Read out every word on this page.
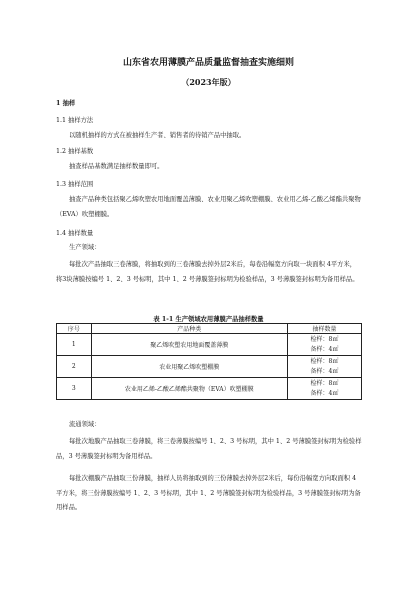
山东省农用薄膜产品质量监督抽查实施细则
（2023年版）
1 抽样
1.1 抽样方法
以随机抽样的方式在被抽样生产者、销售者的待销产品中抽取。
1.2 抽样基数
抽查样品基数满足抽样数量即可。
1.3 抽样范围
抽查产品种类包括聚乙烯吹塑农用地面覆盖薄膜、农业用聚乙烯吹塑棚膜、农业用乙烯-乙酸乙烯酯共聚物（EVA）吹塑棚膜。
1.4 抽样数量
生产领域：
每批次产品抽取三卷薄膜，将抽取到的三卷薄膜去掉外层2米后，每卷沿幅宽方向取一块面积 4平方米，将3块薄膜按编号 1、2、3 号标明，其中 1、2 号薄膜签封标明为检验样品，3 号薄膜签封标明为备用样品。
表 1-1 生产领域农用薄膜产品抽样数量
序号	产品种类	抽样数量
1	聚乙烯吹塑农用地面覆盖薄膜	检样：8㎡
备样：4㎡

2	农业用聚乙烯吹塑棚膜	检样：8㎡
备样：4㎡

3	农业用乙烯-乙酸乙烯酯共聚物（EVA）吹塑棚膜	检样：8㎡
备样：4㎡
流通领域：
每批次地膜产品抽取三卷薄膜，将三卷薄膜按编号 1、2、3 号标明，其中 1、2 号薄膜签封标明为检验样品，3 号薄膜签封标明为备用样品。
每批次棚膜产品抽取三份薄膜，抽样人员将抽取到的三份薄膜去掉外层2米后，每份沿幅宽方向取面积 4平方米，将三份薄膜按编号 1、2、3 号标明，其中 1、2 号薄膜签封标明为检验样品，3 号薄膜签封标明为备用样品。
